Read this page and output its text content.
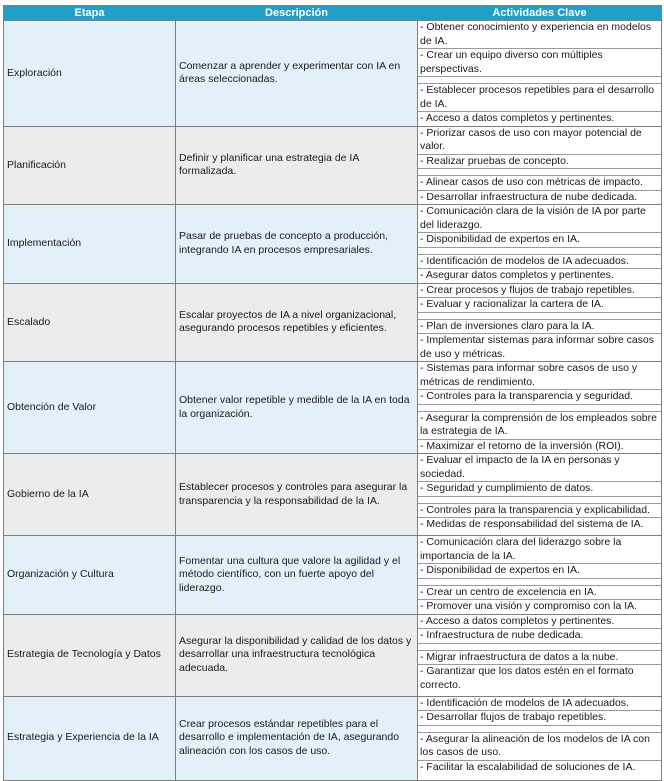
Etapa	Descripción	Actividades Clave
Exploración	Comenzar a aprender y experimentar con IA en áreas seleccionadas.	- Obtener conocimiento y experiencia en modelos de IA.
- Crear un equipo diverso con múltiples perspectivas.
- Establecer procesos repetibles para el desarrollo de IA.
- Acceso a datos completos y pertinentes.

Planificación	Definir y planificar una estrategia de IA formalizada.	- Priorizar casos de uso con mayor potencial de valor.
- Realizar pruebas de concepto.
- Alinear casos de uso con métricas de impacto.
- Desarrollar infraestructura de nube dedicada.

Implementación	Pasar de pruebas de concepto a producción, integrando IA en procesos empresariales.	- Comunicación clara de la visión de IA por parte del liderazgo.
- Disponibilidad de expertos en IA.
- Identificación de modelos de IA adecuados.
- Asegurar datos completos y pertinentes.

Escalado	Escalar proyectos de IA a nivel organizacional, asegurando procesos repetibles y eficientes.	- Crear procesos y flujos de trabajo repetibles.
- Evaluar y racionalizar la cartera de IA.
- Plan de inversiones claro para la IA.
- Implementar sistemas para informar sobre casos de uso y métricas.

Obtención de Valor	Obtener valor repetible y medible de la IA en toda la organización.	- Sistemas para informar sobre casos de uso y métricas de rendimiento.
- Controles para la transparencia y seguridad.
- Asegurar la comprensión de los empleados sobre la estrategia de IA.
- Maximizar el retorno de la inversión (ROI).

Gobierno de la IA	Establecer procesos y controles para asegurar la transparencia y la responsabilidad de la IA.	- Evaluar el impacto de la IA en personas y sociedad.
- Seguridad y cumplimiento de datos.
- Controles para la transparencia y explicabilidad.
- Medidas de responsabilidad del sistema de IA.

Organización y Cultura	Fomentar una cultura que valore la agilidad y el método científico, con un fuerte apoyo del liderazgo.	- Comunicación clara del liderazgo sobre la importancia de la IA.
- Disponibilidad de expertos en IA.
- Crear un centro de excelencia en IA.
- Promover una visión y compromiso con la IA.

Estrategia de Tecnología y Datos	Asegurar la disponibilidad y calidad de los datos y desarrollar una infraestructura tecnológica adecuada.	- Acceso a datos completos y pertinentes.
- Infraestructura de nube dedicada.
- Migrar infraestructura de datos a la nube.
- Garantizar que los datos estén en el formato correcto.

Estrategia y Experiencia de la IA	Crear procesos estándar repetibles para el desarrollo e implementación de IA, asegurando alineación con los casos de uso.	- Identificación de modelos de IA adecuados.
- Desarrollar flujos de trabajo repetibles.
- Asegurar la alineación de los modelos de IA con los casos de uso.
- Facilitar la escalabilidad de soluciones de IA.
